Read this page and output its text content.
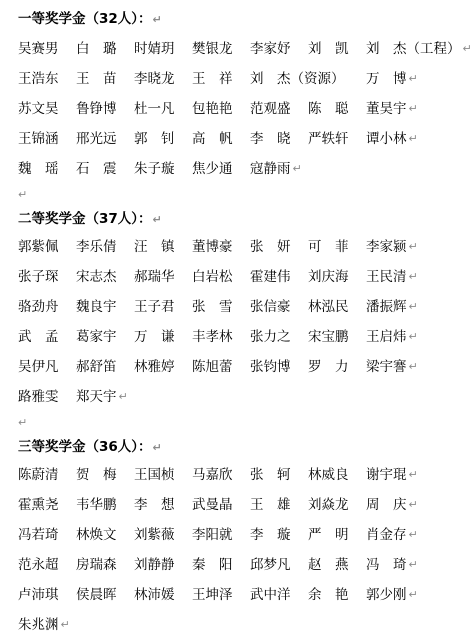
一等奖学金（32人）：↵
吴赛男 白　璐 时婧玥 樊银龙 李家妤 刘　凯 刘　杰（工程） ↵
王浩东 王　苗 李晓龙 王　祥 刘　杰（资源） 万　博 ↵
苏文昊 鲁铮博 杜一凡 包艳艳 范观盛 陈　聪 董昊宇 ↵
王锦涵 邢光远 郭　钊 高　帆 李　晓 严轶轩 谭小林 ↵
魏　瑶 石　震 朱子璇 焦少通 寇静雨 ↵
↵
二等奖学金（37人）：↵
郭紫佩 李乐倩 汪　镇 董博豪 张　妍 可　菲 李家颍 ↵
张子琛 宋志杰 郝瑞华 白岩松 霍建伟 刘庆海 王民清 ↵
骆劲舟 魏良宇 王子君 张　雪 张信豪 林泓民 潘振辉 ↵
武　孟 葛家宇 万　谦 丰孝林 张力之 宋宝鹏 王启炜 ↵
吴伊凡 郝舒笛 林雅婷 陈旭蕾 张钧博 罗　力 梁宇謇 ↵
路雅雯 郑天宇 ↵
↵
三等奖学金（36人）：↵
陈蔚清 贺　梅 王国桢 马嘉欣 张　轲 林威良 谢宇琨 ↵
霍熏尧 韦华鹏 李　想 武曼晶 王　雄 刘焱龙 周　庆 ↵
冯若琦 林焕文 刘紫薇 李阳就 李　璇 严　明 肖金存 ↵
范永超 房瑞森 刘静静 秦　阳 邱梦凡 赵　燕 冯　琦 ↵
卢沛琪 侯晨晖 林沛媛 王坤泽 武中洋 余　艳 郭少刚 ↵
朱兆渊 ↵
